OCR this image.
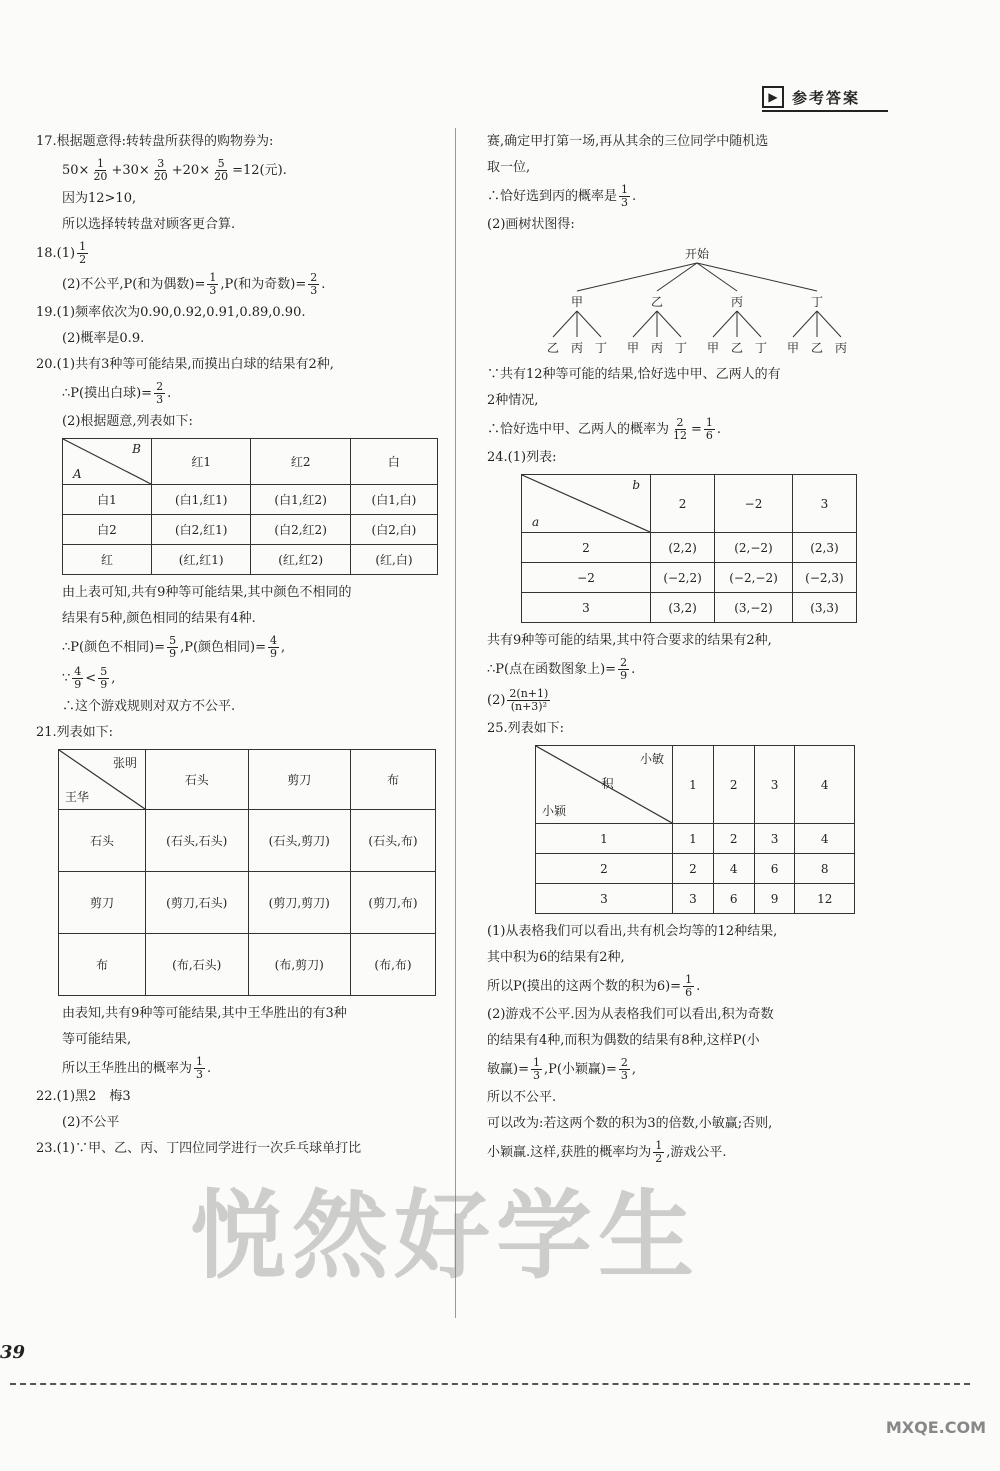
▶ 参考答案
17.根据题意得:转转盘所获得的购物券为:
$50\times \frac{1}{20} +30\times \frac{3}{20} +20\times \frac{5}{20} =12$(元).
因为12>10,
所以选择转转盘对顾客更合算.
$18.(1) \frac{1}{2}$
(2)不公平,P(和为偶数)= $\frac{1}{3} ,P$(和为奇数)= $\frac{2}{3}$ .
19.(1)频率依次为0.90,0.92,0.91,0.89,0.90.
(2)概率是0.9.
20.(1)共有3种等可能结果,而摸出白球的结果有2种,
∴P(摸出白球)= $\frac{2}{3}$ .
(2)根据题意,列表如下:
B
A	红1	红2	白
白1	(白1,红1)	(白1,红2)	(白1,白)
白2	(白2,红1)	(白2,红2)	(白2,白)
红	(红,红1)	(红,红2)	(红,白)
由上表可知,共有9种等可能结果,其中颜色不相同的
结果有5种,颜色相同的结果有4种.
∴P(颜色不相同)= $\frac{5}{9} ,P$(颜色相同)= $\frac{4}{9}$ ,
∵ $\frac{4}{9} < \frac{5}{9}$ ,
∴这个游戏规则对双方不公平.
21.列表如下:
张明
王华	石头	剪刀	布
石头	(石头,石头)	(石头,剪刀)	(石头,布)
剪刀	(剪刀,石头)	(剪刀,剪刀)	(剪刀,布)
布	(布,石头)	(布,剪刀)	(布,布)
由表知,共有9种等可能结果,其中王华胜出的有3种
等可能结果,
所以王华胜出的概率为 $\frac{1}{3}$ .
22.(1)黑2　梅3
(2)不公平
23.(1)∵甲、乙、丙、丁四位同学进行一次乒乓球单打比
赛,确定甲打第一场,再从其余的三位同学中随机选
取一位,
∴恰好选到丙的概率是 $\frac{1}{3}$ .
(2)画树状图得:
开始
甲	乙	丙	丁
乙 丙 丁 甲 丙 丁 甲 乙 丁 甲 乙 丙
∵共有12种等可能的结果,恰好选中甲、乙两人的有
2种情况,
∴恰好选中甲、乙两人的概率为 $\frac{2}{12} = \frac{1}{6}$ .
24.(1)列表:
b
a	2	−2	3
2	(2,2)	(2,−2)	(2,3)
−2	(−2,2)	(−2,−2)	(−2,3)
3	(3,2)	(3,−2)	(3,3)
共有9种等可能的结果,其中符合要求的结果有2种,
∴P(点在函数图象上)= $\frac{2}{9}$ .
$(2) \frac{2(n+1)}{\text{(n+3)²}}$
25.列表如下:
小敏
积
小颖	1	2	3	4
1	1	2	3	4
2	2	4	6	8
3	3	6	9	12
(1)从表格我们可以看出,共有机会均等的12种结果,
其中积为6的结果有2种,
所以P(摸出的这两个数的积为$6)= \frac{1}{6}$ .
(2)游戏不公平.因为从表格我们可以看出,积为奇数
的结果有4种,而积为偶数的结果有8种,这样P(小
敏赢)= $\frac{1}{3} ,P$(小颖赢)= $\frac{2}{3}$ ,
所以不公平.
可以改为:若这两个数的积为3的倍数,小敏赢;否则,
小颖赢.这样,获胜的概率均为 $\frac{1}{2}$ ,游戏公平.
悦然好学生
39
MXQE.COM
